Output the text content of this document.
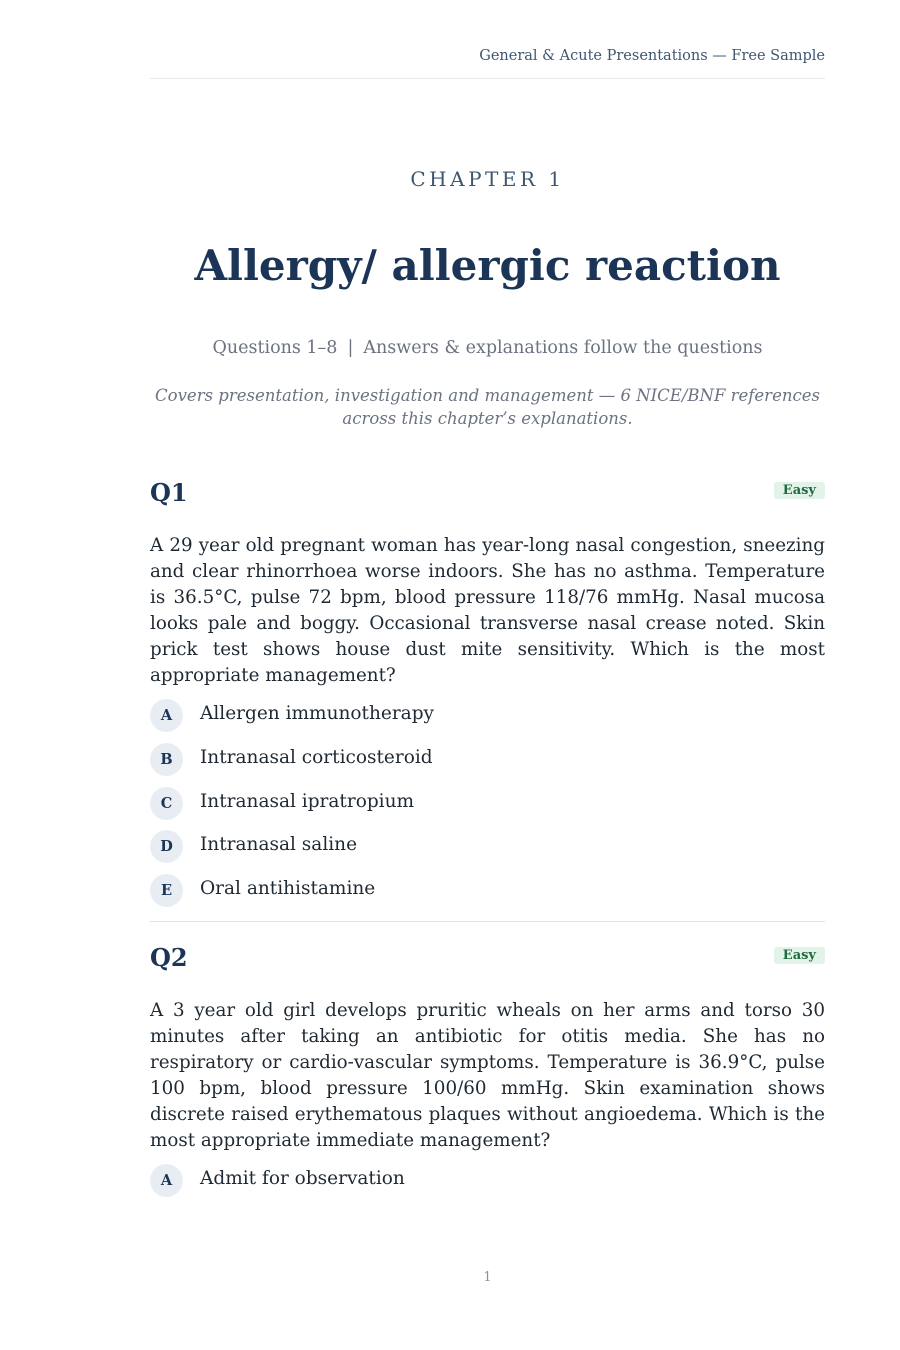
General & Acute Presentations — Free Sample
CHAPTER 1
Allergy/ allergic reaction
Questions 1–8 | Answers & explanations follow the questions
Covers presentation, investigation and management — 6 NICE/BNF references across this chapter’s explanations.
Q1	Easy

A 29 year old pregnant woman has year-long nasal congestion, sneezing and clear rhinorrhoea worse indoors. She has no asthma. Temperature is 36.5°C, pulse 72 bpm, blood pressure 118/76 mmHg. Nasal mucosa looks pale and boggy. Occasional transverse nasal crease noted. Skin prick test shows house dust mite sensitivity. Which is the most appropriate management?

A	Allergen immunotherapy
B	Intranasal corticosteroid
C	Intranasal ipratropium
D	Intranasal saline
E	Oral antihistamine
Q2	Easy

A 3 year old girl develops pruritic wheals on her arms and torso 30 minutes after taking an antibiotic for otitis media. She has no respiratory or cardio-vascular symptoms. Temperature is 36.9°C, pulse 100 bpm, blood pressure 100/60 mmHg. Skin examination shows discrete raised erythematous plaques without angioedema. Which is the most appropriate immediate management?

A	Admit for observation
1
